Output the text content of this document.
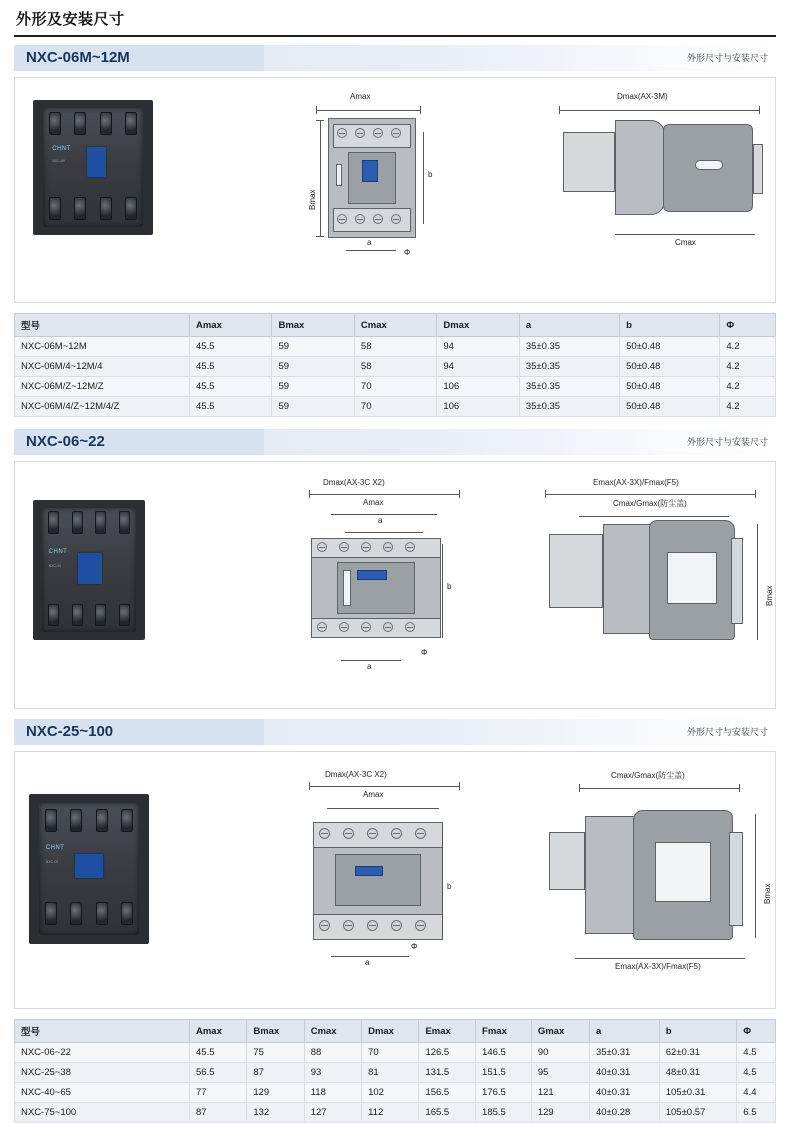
外形及安装尺寸
NXC-06M~12M	外形尺寸与安装尺寸
CHNT
NXC-09
Amax
Bmax
b
a
Φ
Dmax(AX-3M)
Cmax
型号	Amax	Bmax	Cmax	Dmax	a	b	Φ
NXC-06M~12M	45.5	59	58	94	35±0.35	50±0.48	4.2
NXC-06M/4~12M/4	45.5	59	58	94	35±0.35	50±0.48	4.2
NXC-06M/Z~12M/Z	45.5	59	70	106	35±0.35	50±0.48	4.2
NXC-06M/4/Z~12M/4/Z	45.5	59	70	106	35±0.35	50±0.48	4.2
NXC-06~22	外形尺寸与安装尺寸
CHNT
NXC-09
Dmax(AX-3C X2)
Amax
a
b
a
Φ
Emax(AX-3X)/Fmax(F5)
Cmax/Gmax(防尘盖)
Bmax
NXC-25~100	外形尺寸与安装尺寸
CHNT
NXC-09
Dmax(AX-3C X2)
Amax
b
a
Φ
Cmax/Gmax(防尘盖)
Bmax
Emax(AX-3X)/Fmax(F5)
型号	Amax	Bmax	Cmax	Dmax	Emax	Fmax	Gmax	a	b	Φ
NXC-06~22	45.5	75	88	70	126.5	146.5	90	35±0.31	62±0.31	4.5
NXC-25~38	56.5	87	93	81	131.5	151.5	95	40±0.31	48±0.31	4.5
NXC-40~65	77	129	118	102	156.5	176.5	121	40±0.31	105±0.31	4.4
NXC-75~100	87	132	127	112	165.5	185.5	129	40±0.28	105±0.57	6.5
